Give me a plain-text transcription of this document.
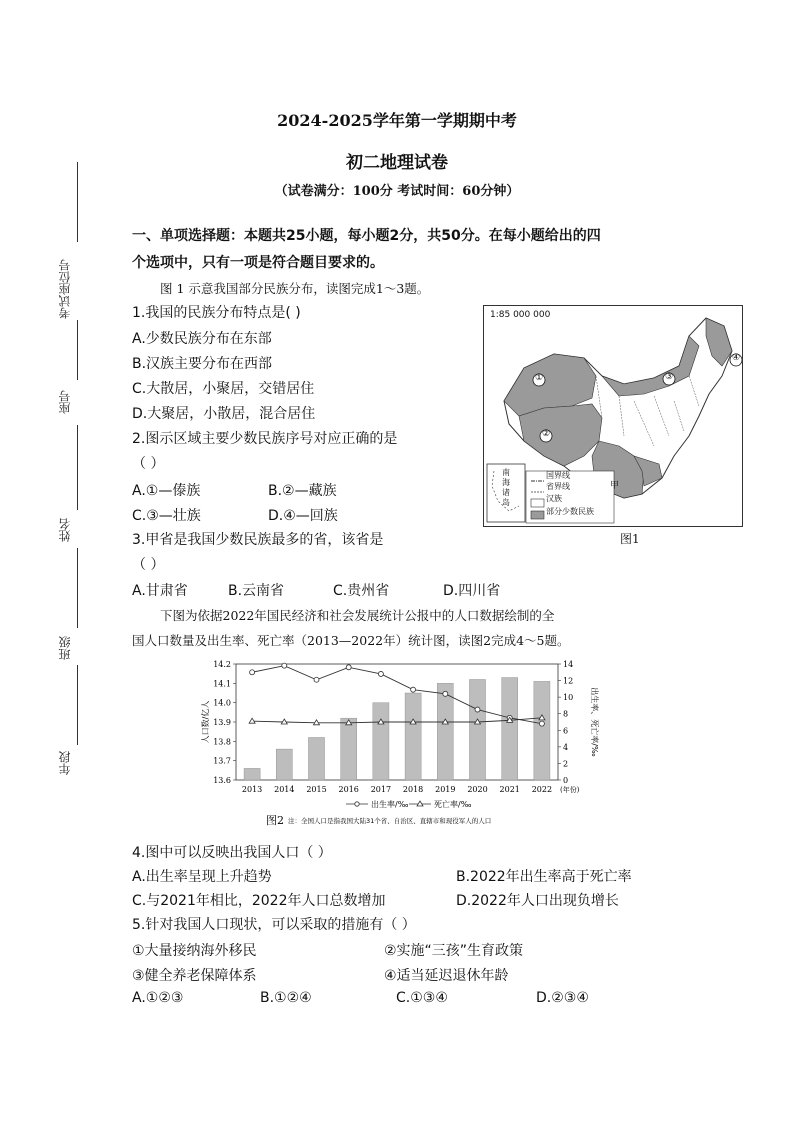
考试座位号
座号
姓名
班级
年段
2024-2025学年第一学期期中考
初二地理试卷
（试卷满分：100分 考试时间：60分钟）
一、单项选择题：本题共25小题，每小题2分，共50分。在每小题给出的四
个选项中，只有一项是符合题目要求的。
图 1 示意我国部分民族分布，读图完成1～3题。
1.我国的民族分布特点是( )
A.少数民族分布在东部
B.汉族主要分布在西部
C.大散居，小聚居，交错居住
D.大聚居，小散居，混合居住
2.图示区域主要少数民族序号对应正确的是
（ ）
A.①—傣族	B.②—藏族
C.③—壮族	D.④—回族
3.甲省是我国少数民族最多的省，该省是
（ ）
A.甘肃省	B.云南省	C.贵州省	D.四川省
1:85 000 000
①
②
③
④
甲
南海诸岛
国界线
省界线
汉族
部分少数民族
图1
下图为依据2022年国民经济和社会发展统计公报中的人口数据绘制的全
国人口数量及出生率、死亡率（2013—2022年）统计图，读图2完成4～5题。
13.6
13.7
13.8
13.9
14.0
14.1
14.2
0
2
4
6
8
10
12
14
2013 2014 2015 2016 2017 2018 2019 2020 2021 2022 (年份)
人口数/亿人	出生率、死亡率/‰
出生率/‰	死亡率/‰
图2 注：全国人口是指我国大陆31个省、自治区、直辖市和现役军人的人口
4.图中可以反映出我国人口（ ）
A.出生率呈现上升趋势	B.2022年出生率高于死亡率
C.与2021年相比，2022年人口总数增加	D.2022年人口出现负增长
5.针对我国人口现状，可以采取的措施有（ ）
①大量接纳海外移民	②实施“三孩”生育政策
③健全养老保障体系	④适当延迟退休年龄
A.①②③	B.①②④	C.①③④	D.②③④
